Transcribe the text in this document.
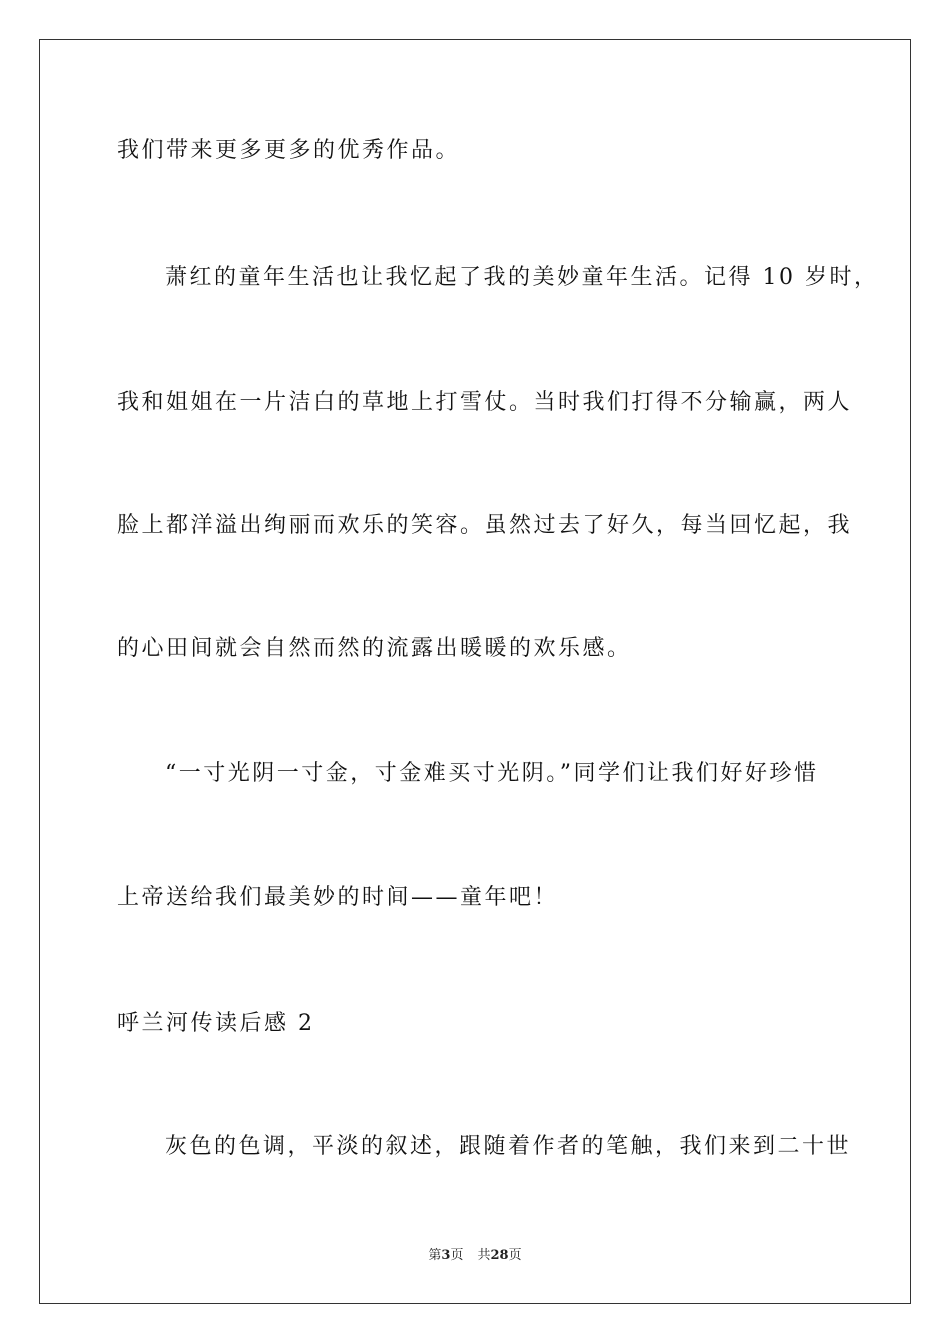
我们带来更多更多的优秀作品。
萧红的童年生活也让我忆起了我的美妙童年生活。记得 10 岁时，
我和姐姐在一片洁白的草地上打雪仗。当时我们打得不分输赢，两人
脸上都洋溢出绚丽而欢乐的笑容。虽然过去了好久，每当回忆起，我
的心田间就会自然而然的流露出暖暖的欢乐感。
“一寸光阴一寸金，寸金难买寸光阴。”同学们让我们好好珍惜
上帝送给我们最美妙的时间——童年吧！
呼兰河传读后感 2
灰色的色调，平淡的叙述，跟随着作者的笔触，我们来到二十世
第3页 共28页
